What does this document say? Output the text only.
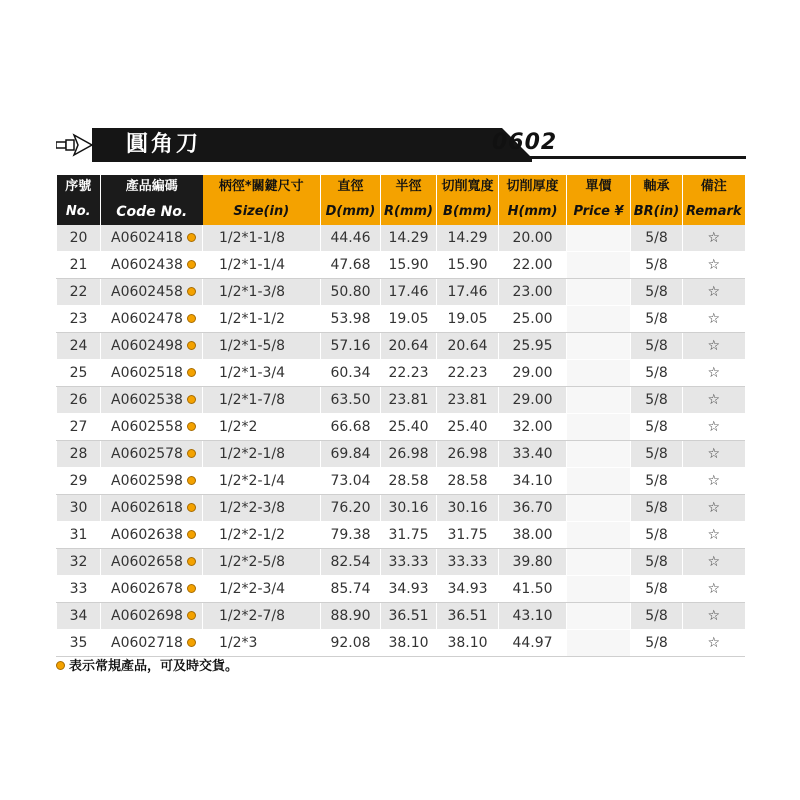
圓角刀	0602
序號	產品編碼	柄徑*關鍵尺寸	直徑	半徑	切削寬度	切削厚度	單價	軸承	備注
No.	Code No.	Size(in)	D(mm)	R(mm)	B(mm)	H(mm)	Price ¥	BR(in)	Remark
20	A0602418	1/2*1-1/8	44.46	14.29	14.29	20.00		5/8	☆
21	A0602438	1/2*1-1/4	47.68	15.90	15.90	22.00		5/8	☆
22	A0602458	1/2*1-3/8	50.80	17.46	17.46	23.00		5/8	☆
23	A0602478	1/2*1-1/2	53.98	19.05	19.05	25.00		5/8	☆
24	A0602498	1/2*1-5/8	57.16	20.64	20.64	25.95		5/8	☆
25	A0602518	1/2*1-3/4	60.34	22.23	22.23	29.00		5/8	☆
26	A0602538	1/2*1-7/8	63.50	23.81	23.81	29.00		5/8	☆
27	A0602558	1/2*2	66.68	25.40	25.40	32.00		5/8	☆
28	A0602578	1/2*2-1/8	69.84	26.98	26.98	33.40		5/8	☆
29	A0602598	1/2*2-1/4	73.04	28.58	28.58	34.10		5/8	☆
30	A0602618	1/2*2-3/8	76.20	30.16	30.16	36.70		5/8	☆
31	A0602638	1/2*2-1/2	79.38	31.75	31.75	38.00		5/8	☆
32	A0602658	1/2*2-5/8	82.54	33.33	33.33	39.80		5/8	☆
33	A0602678	1/2*2-3/4	85.74	34.93	34.93	41.50		5/8	☆
34	A0602698	1/2*2-7/8	88.90	36.51	36.51	43.10		5/8	☆
35	A0602718	1/2*3	92.08	38.10	38.10	44.97		5/8	☆
表示常規產品，可及時交貨。
